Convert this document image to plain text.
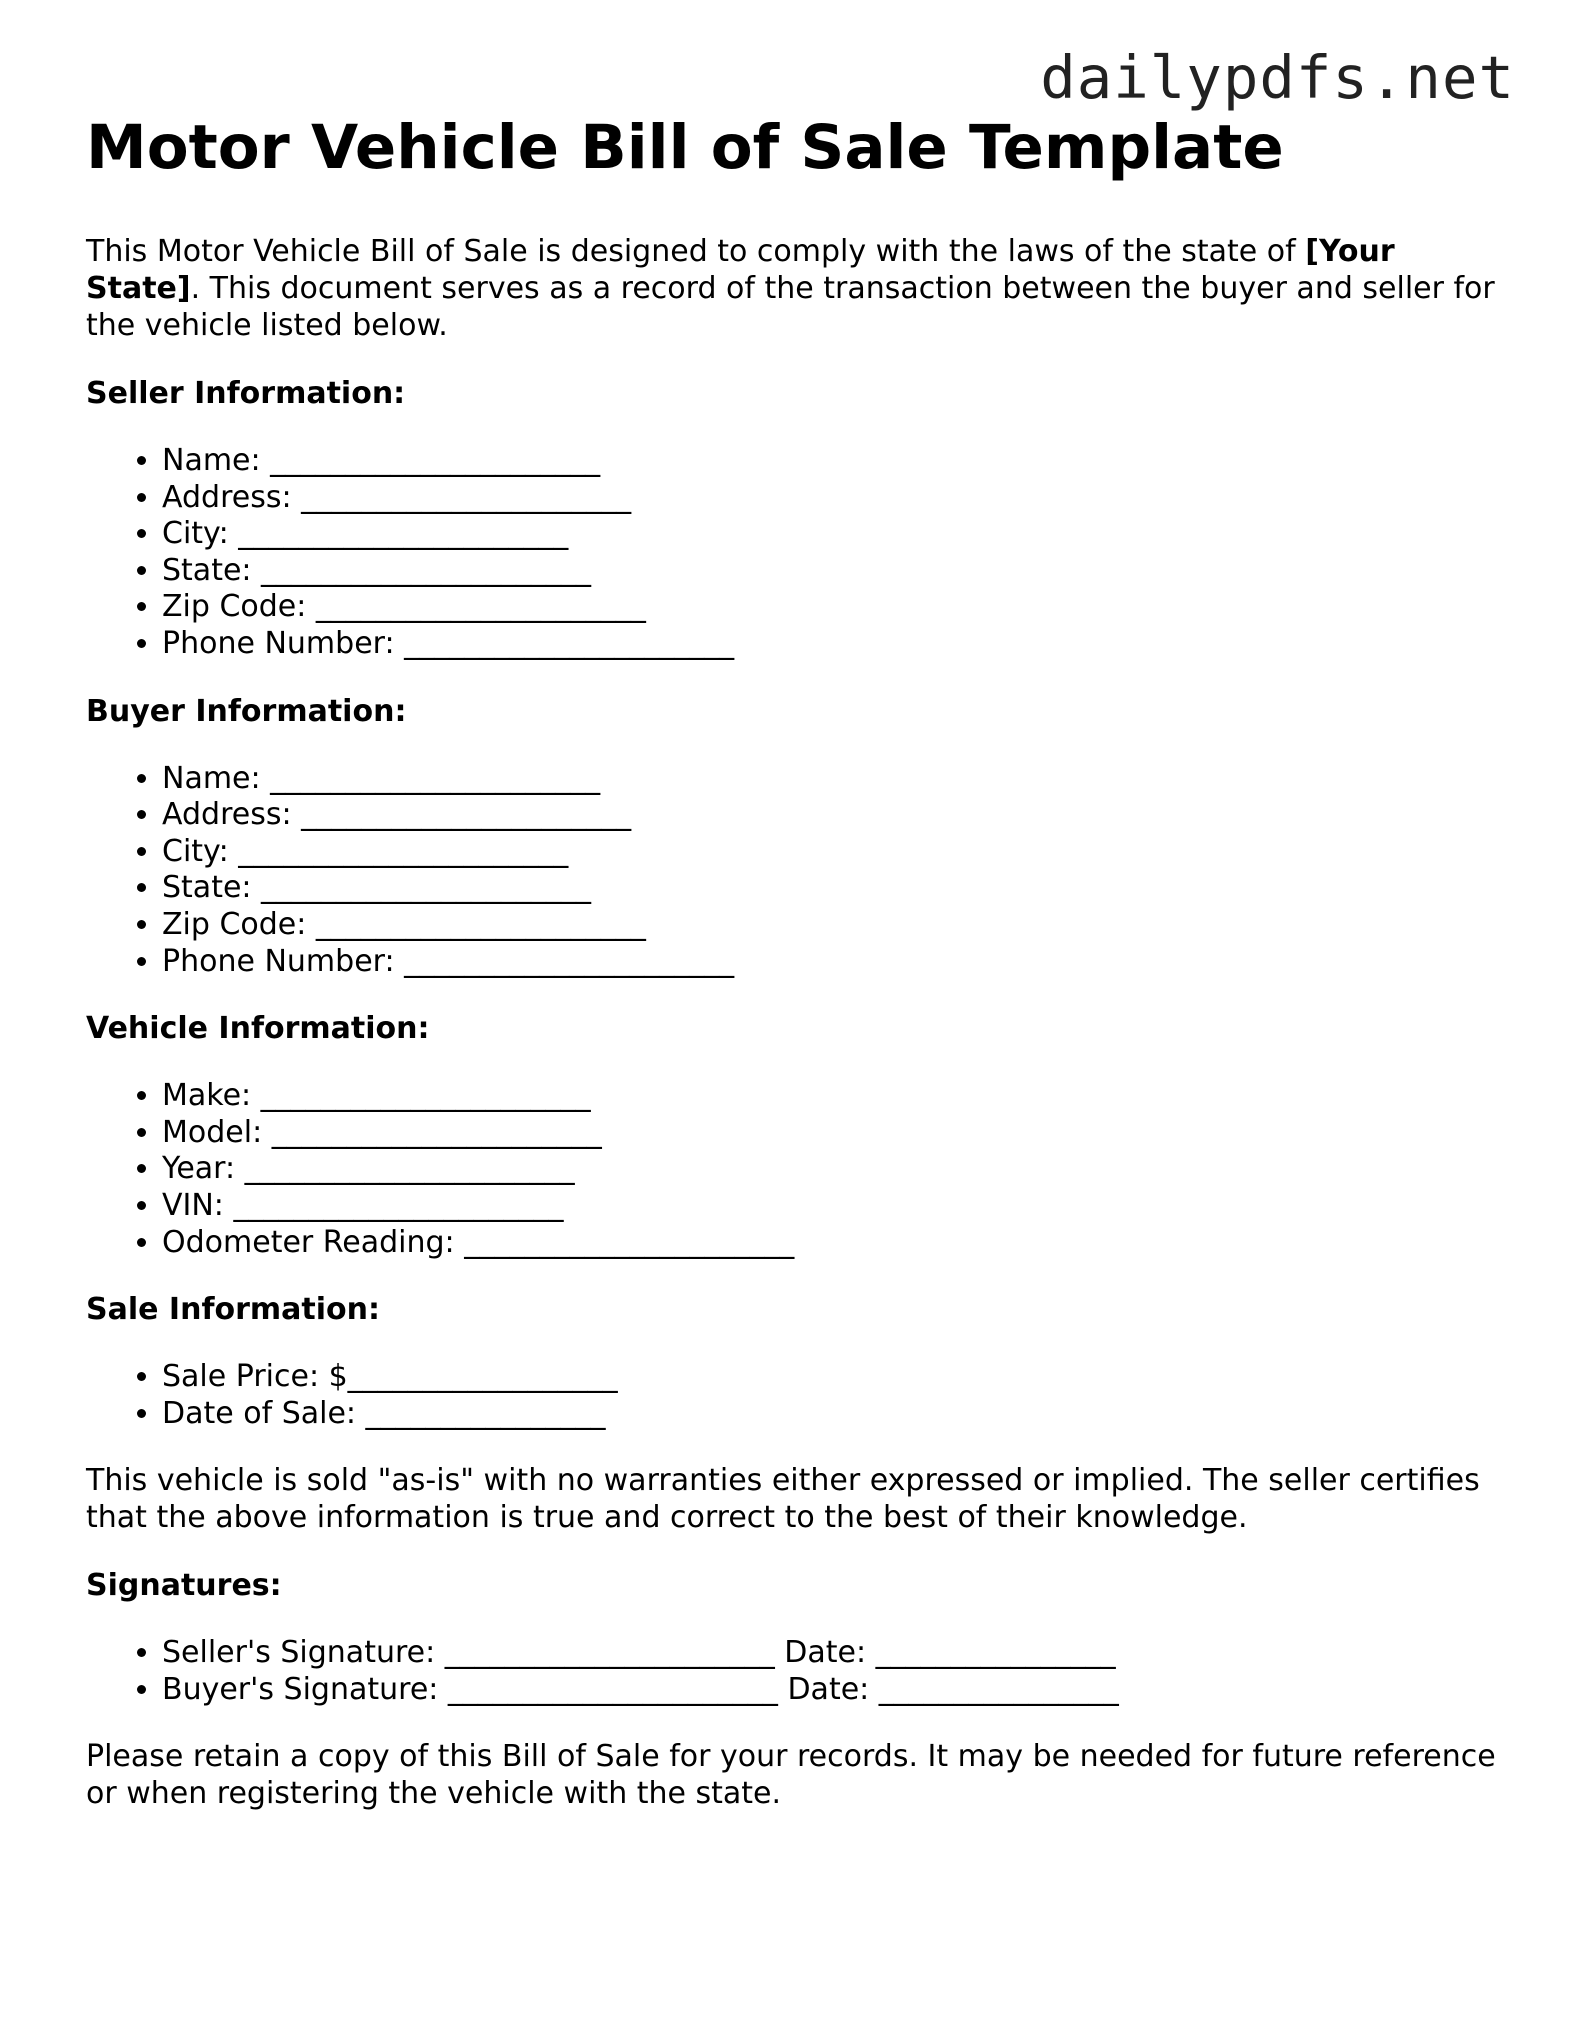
dailypdfs.net
Motor Vehicle Bill of Sale Template

This Motor Vehicle Bill of Sale is designed to comply with the laws of the state of [Your State]. This document serves as a record of the transaction between the buyer and seller for the vehicle listed below.

Seller Information:
• Name: ______________________
• Address: ______________________
• City: ______________________
• State: ______________________
• Zip Code: ______________________
• Phone Number: ______________________
Buyer Information:
• Name: ______________________
• Address: ______________________
• City: ______________________
• State: ______________________
• Zip Code: ______________________
• Phone Number: ______________________
Vehicle Information:
• Make: ______________________
• Model: ______________________
• Year: ______________________
• VIN: ______________________
• Odometer Reading: ______________________
Sale Information:
• Sale Price: $__________________
• Date of Sale: ________________

This vehicle is sold "as-is" with no warranties either expressed or implied. The seller certifies that the above information is true and correct to the best of their knowledge.

Signatures:
• Seller's Signature: ______________________ Date: ________________
• Buyer's Signature: ______________________ Date: ________________

Please retain a copy of this Bill of Sale for your records. It may be needed for future reference or when registering the vehicle with the state.
